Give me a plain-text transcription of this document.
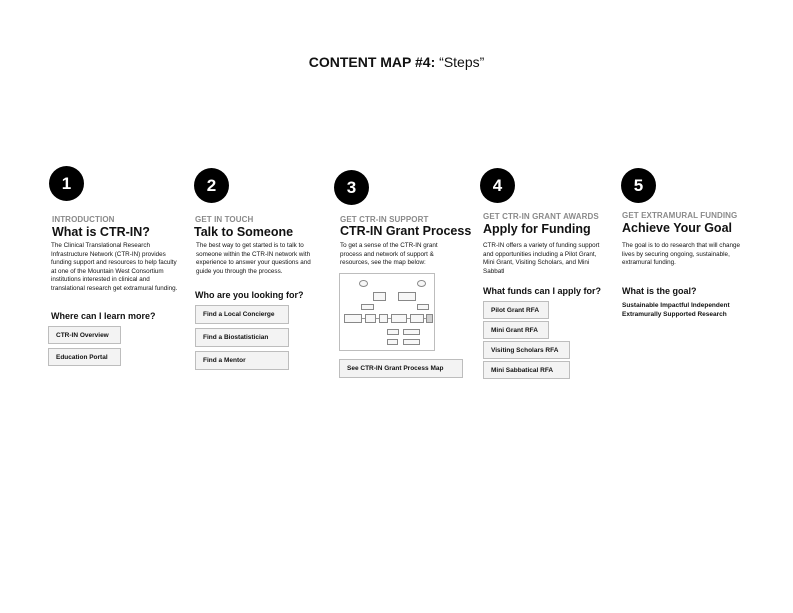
CONTENT MAP #4: “Steps”
1
INTRODUCTION
What is CTR-IN?
The Clinical Translational Research Infrastructure Network (CTR-IN) provides funding support and resources to help faculty at one of the Mountain West Consortium institutions interested in clinical and translational research get extramural funding.
Where can I learn more?
CTR-IN Overview
Education Portal
2
GET IN TOUCH
Talk to Someone
The best way to get started is to talk to someone within the CTR-IN network with experience to answer your questions and guide you through the process.
Who are you looking for?
Find a Local Concierge
Find a Biostatistician
Find a Mentor
3
GET CTR-IN SUPPORT
CTR-IN Grant Process
To get a sense of the CTR-IN grant process and network of support & resources, see the map below:
See CTR-IN Grant Process Map
4
GET CTR-IN GRANT AWARDS
Apply for Funding
CTR-IN offers a variety of funding support and opportunities including a Pilot Grant, Mini Grant, Visiting Scholars, and Mini Sabbatl
What funds can I apply for?
Pilot Grant RFA
Mini Grant RFA
Visiting Scholars RFA
Mini Sabbatical RFA
5
GET EXTRAMURAL FUNDING
Achieve Your Goal
The goal is to do research that will change lives by securing ongoing, sustainable, extramural funding.
What is the goal?
Sustainable Impactful Independent Extramurally Supported Research
